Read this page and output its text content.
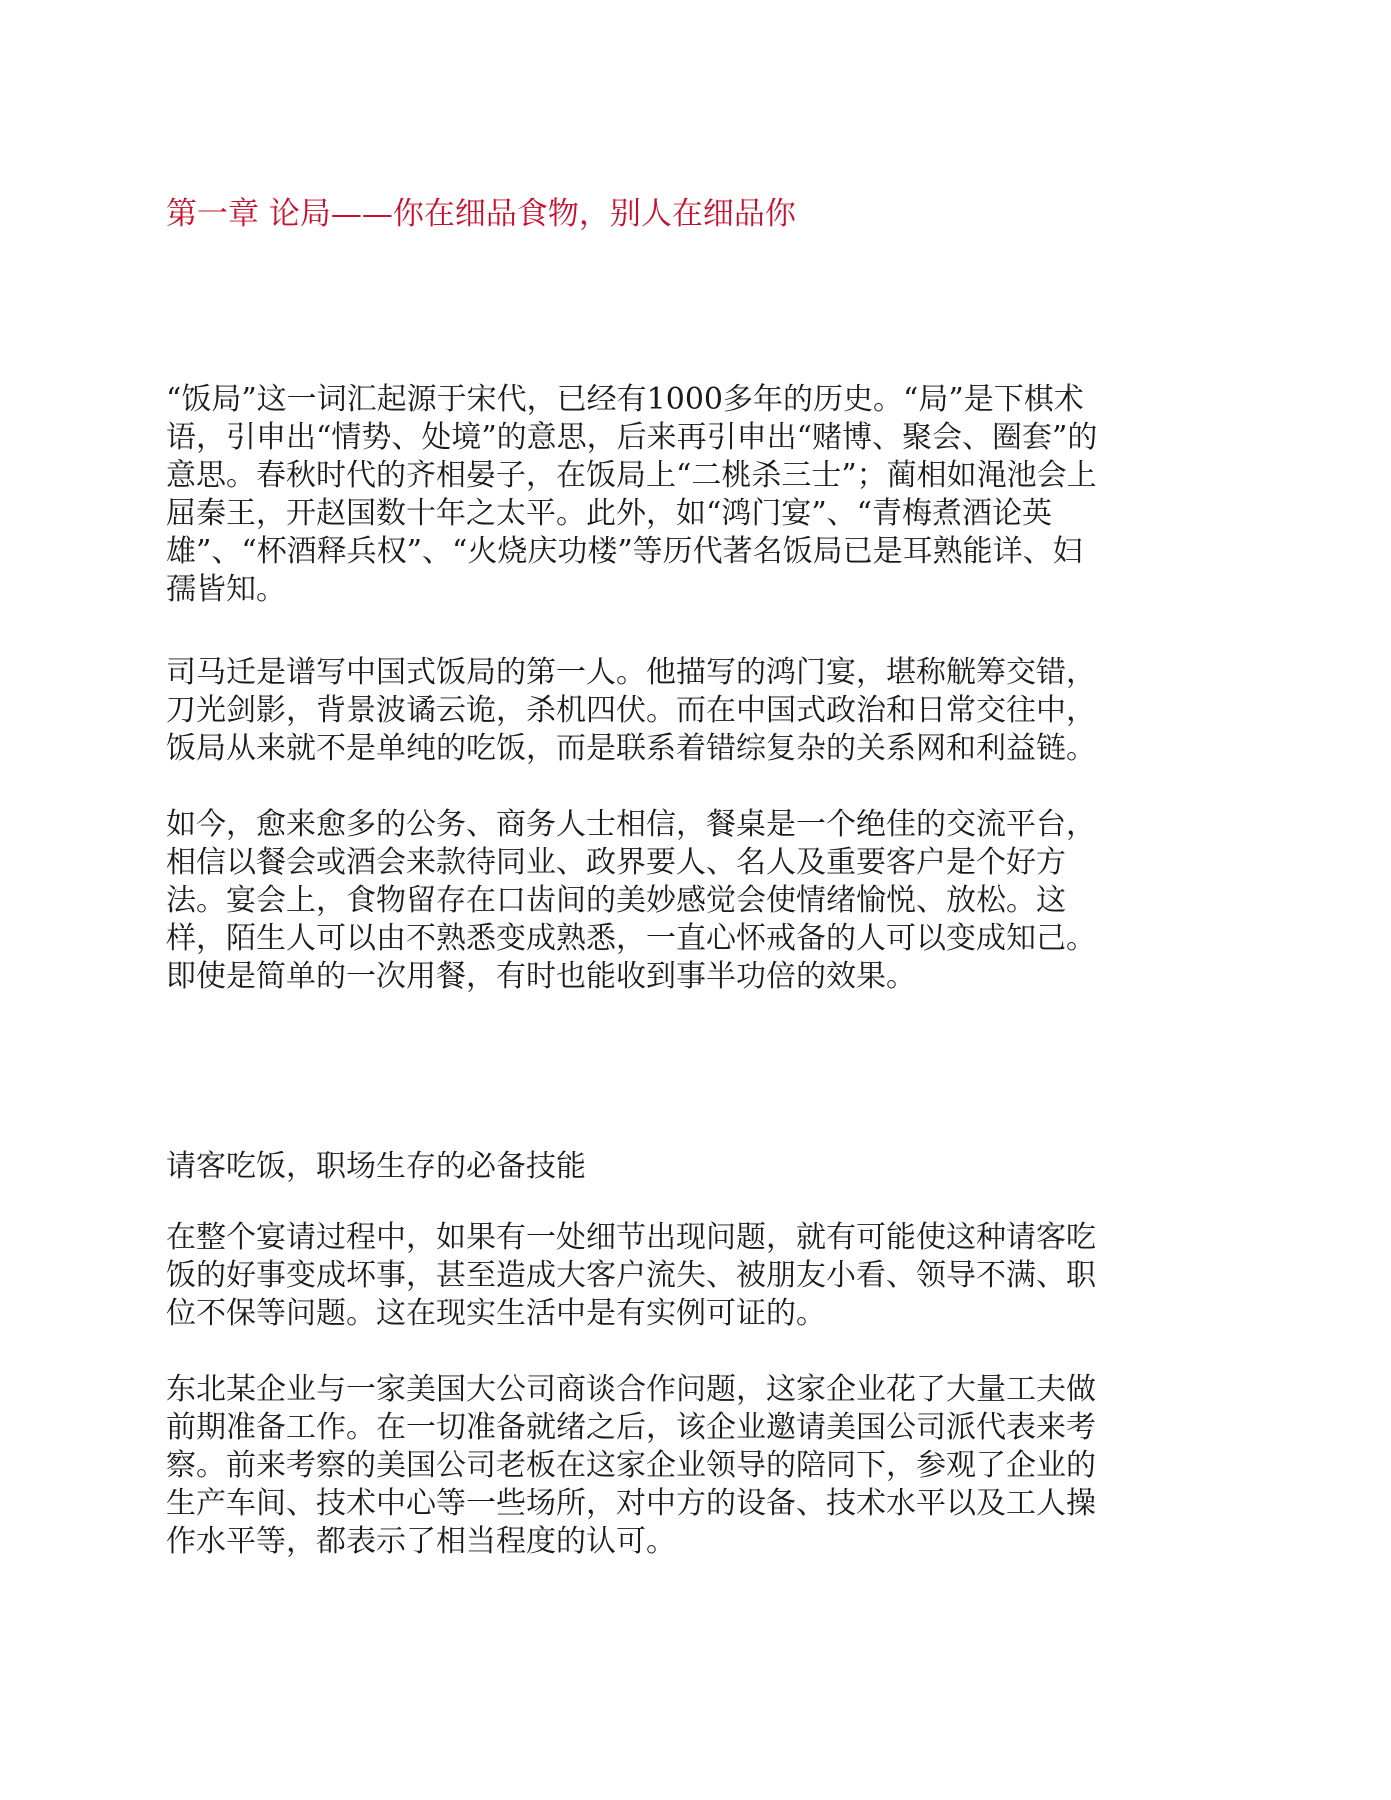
第一章 论局——你在细品食物，别人在细品你
“饭局”这一词汇起源于宋代，已经有1000多年的历史。“局”是下棋术
语，引申出“情势、处境”的意思，后来再引申出“赌博、聚会、圈套”的
意思。春秋时代的齐相晏子，在饭局上“二桃杀三士”；蔺相如渑池会上
屈秦王，开赵国数十年之太平。此外，如“鸿门宴”、“青梅煮酒论英
雄”、“杯酒释兵权”、“火烧庆功楼”等历代著名饭局已是耳熟能详、妇
孺皆知。
司马迁是谱写中国式饭局的第一人。他描写的鸿门宴，堪称觥筹交错，
刀光剑影，背景波谲云诡，杀机四伏。而在中国式政治和日常交往中，
饭局从来就不是单纯的吃饭，而是联系着错综复杂的关系网和利益链。
如今，愈来愈多的公务、商务人士相信，餐桌是一个绝佳的交流平台，
相信以餐会或酒会来款待同业、政界要人、名人及重要客户是个好方
法。宴会上，食物留存在口齿间的美妙感觉会使情绪愉悦、放松。这
样，陌生人可以由不熟悉变成熟悉，一直心怀戒备的人可以变成知己。
即使是简单的一次用餐，有时也能收到事半功倍的效果。
请客吃饭，职场生存的必备技能
在整个宴请过程中，如果有一处细节出现问题，就有可能使这种请客吃
饭的好事变成坏事，甚至造成大客户流失、被朋友小看、领导不满、职
位不保等问题。这在现实生活中是有实例可证的。
东北某企业与一家美国大公司商谈合作问题，这家企业花了大量工夫做
前期准备工作。在一切准备就绪之后，该企业邀请美国公司派代表来考
察。前来考察的美国公司老板在这家企业领导的陪同下，参观了企业的
生产车间、技术中心等一些场所，对中方的设备、技术水平以及工人操
作水平等，都表示了相当程度的认可。
